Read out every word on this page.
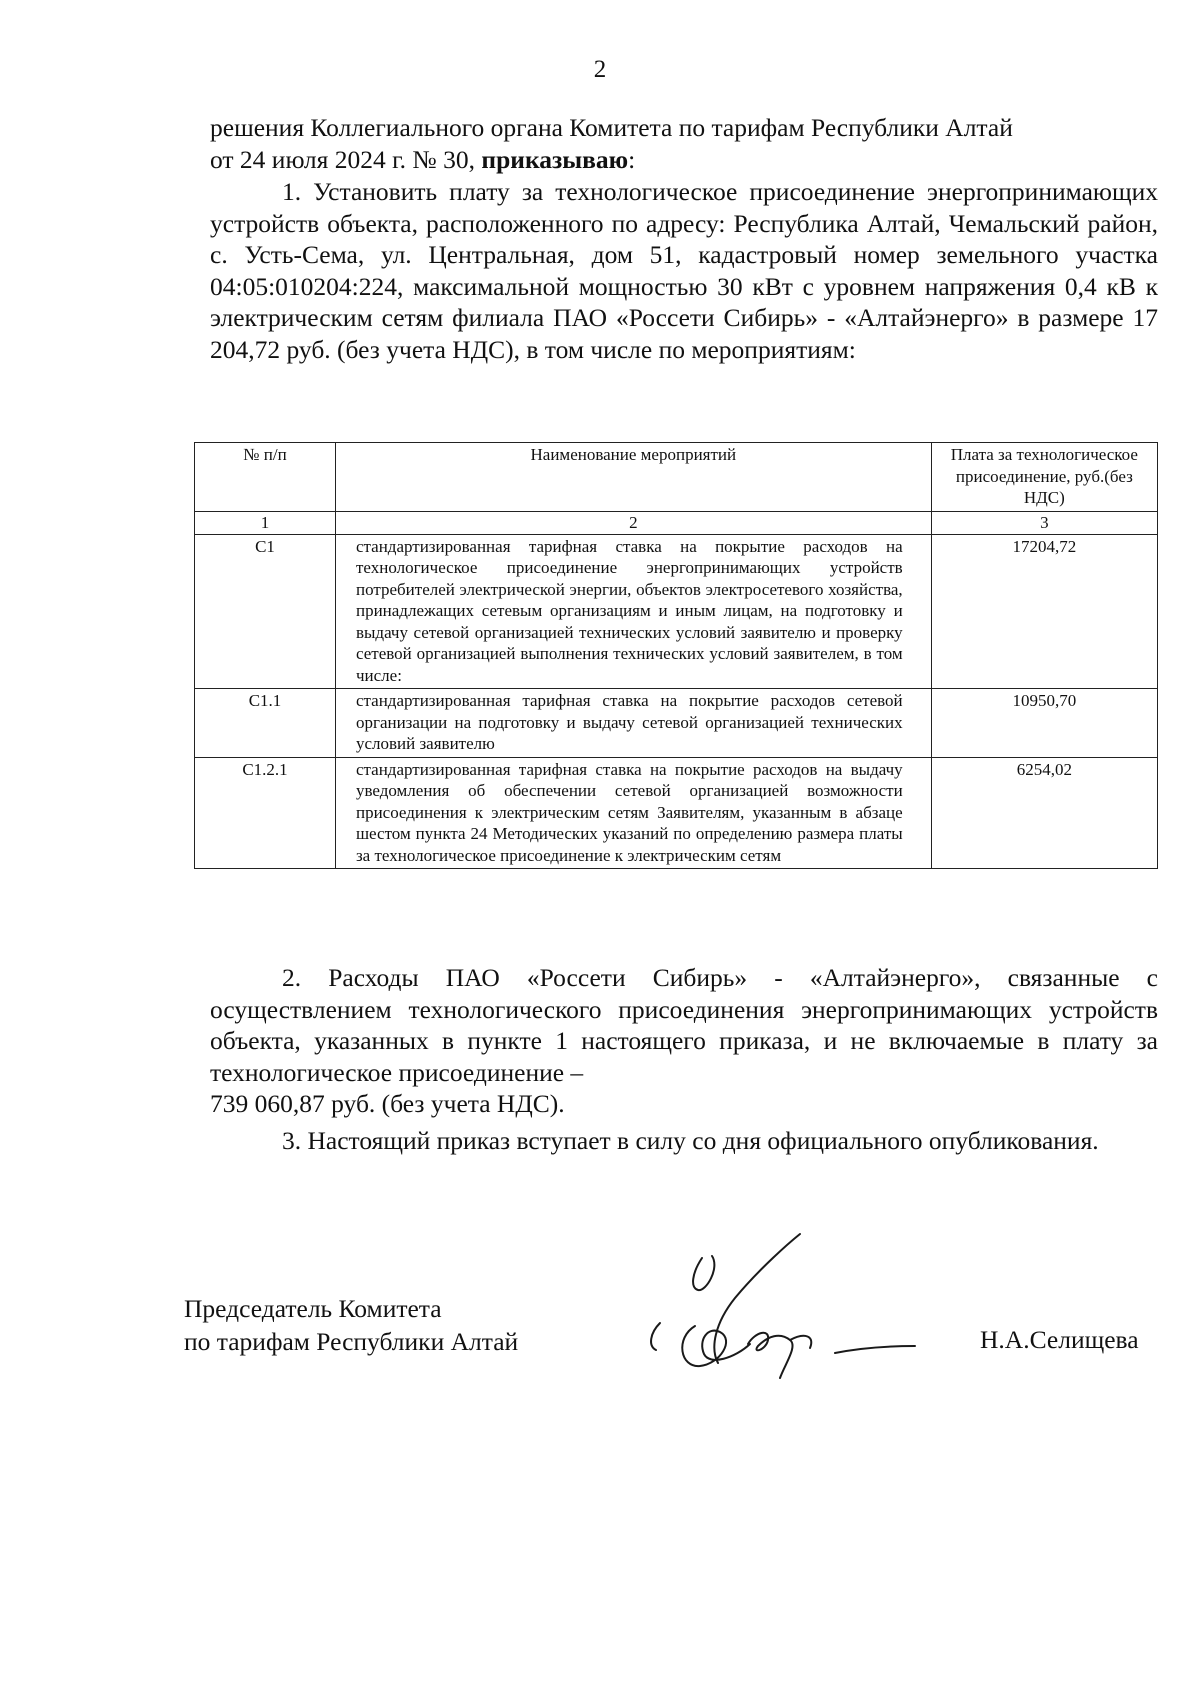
2
решения Коллегиального органа Комитета по тарифам Республики Алтай
от 24 июля 2024 г. № 30, приказываю:
1. Установить плату за технологическое присоединение энергопринимающих устройств объекта, расположенного по адресу: Республика Алтай, Чемальский район, с. Усть-Сема, ул. Центральная, дом 51, кадастровый номер земельного участка 04:05:010204:224, максимальной мощностью 30 кВт с уровнем напряжения 0,4 кВ к электрическим сетям филиала ПАО «Россети Сибирь» - «Алтайэнерго» в размере 17 204,72 руб. (без учета НДС), в том числе по мероприятиям:
№ п/п	Наименование мероприятий	Плата за технологическое присоединение, руб.(без НДС)
1	2	3
С1	стандартизированная тарифная ставка на покрытие расходов на технологическое присоединение энергопринимающих устройств потребителей электрической энергии, объектов электросетевого хозяйства, принадлежащих сетевым организациям и иным лицам, на подготовку и выдачу сетевой организацией технических условий заявителю и проверку сетевой организацией выполнения технических условий заявителем, в том числе:	17204,72
С1.1	стандартизированная тарифная ставка на покрытие расходов сетевой организации на подготовку и выдачу сетевой организацией технических условий заявителю	10950,70
С1.2.1	стандартизированная тарифная ставка на покрытие расходов на выдачу уведомления об обеспечении сетевой организацией возможности присоединения к электрическим сетям Заявителям, указанным в абзаце шестом пункта 24 Методических указаний по определению размера платы за технологическое присоединение к электрическим сетям	6254,02
2. Расходы ПАО «Россети Сибирь» - «Алтайэнерго», связанные с осуществлением технологического присоединения энергопринимающих устройств объекта, указанных в пункте 1 настоящего приказа, и не включаемые в плату за технологическое присоединение –
739 060,87 руб. (без учета НДС).
3. Настоящий приказ вступает в силу со дня официального опубликования.
Председатель Комитета
по тарифам Республики Алтай	Н.А.Селищева
